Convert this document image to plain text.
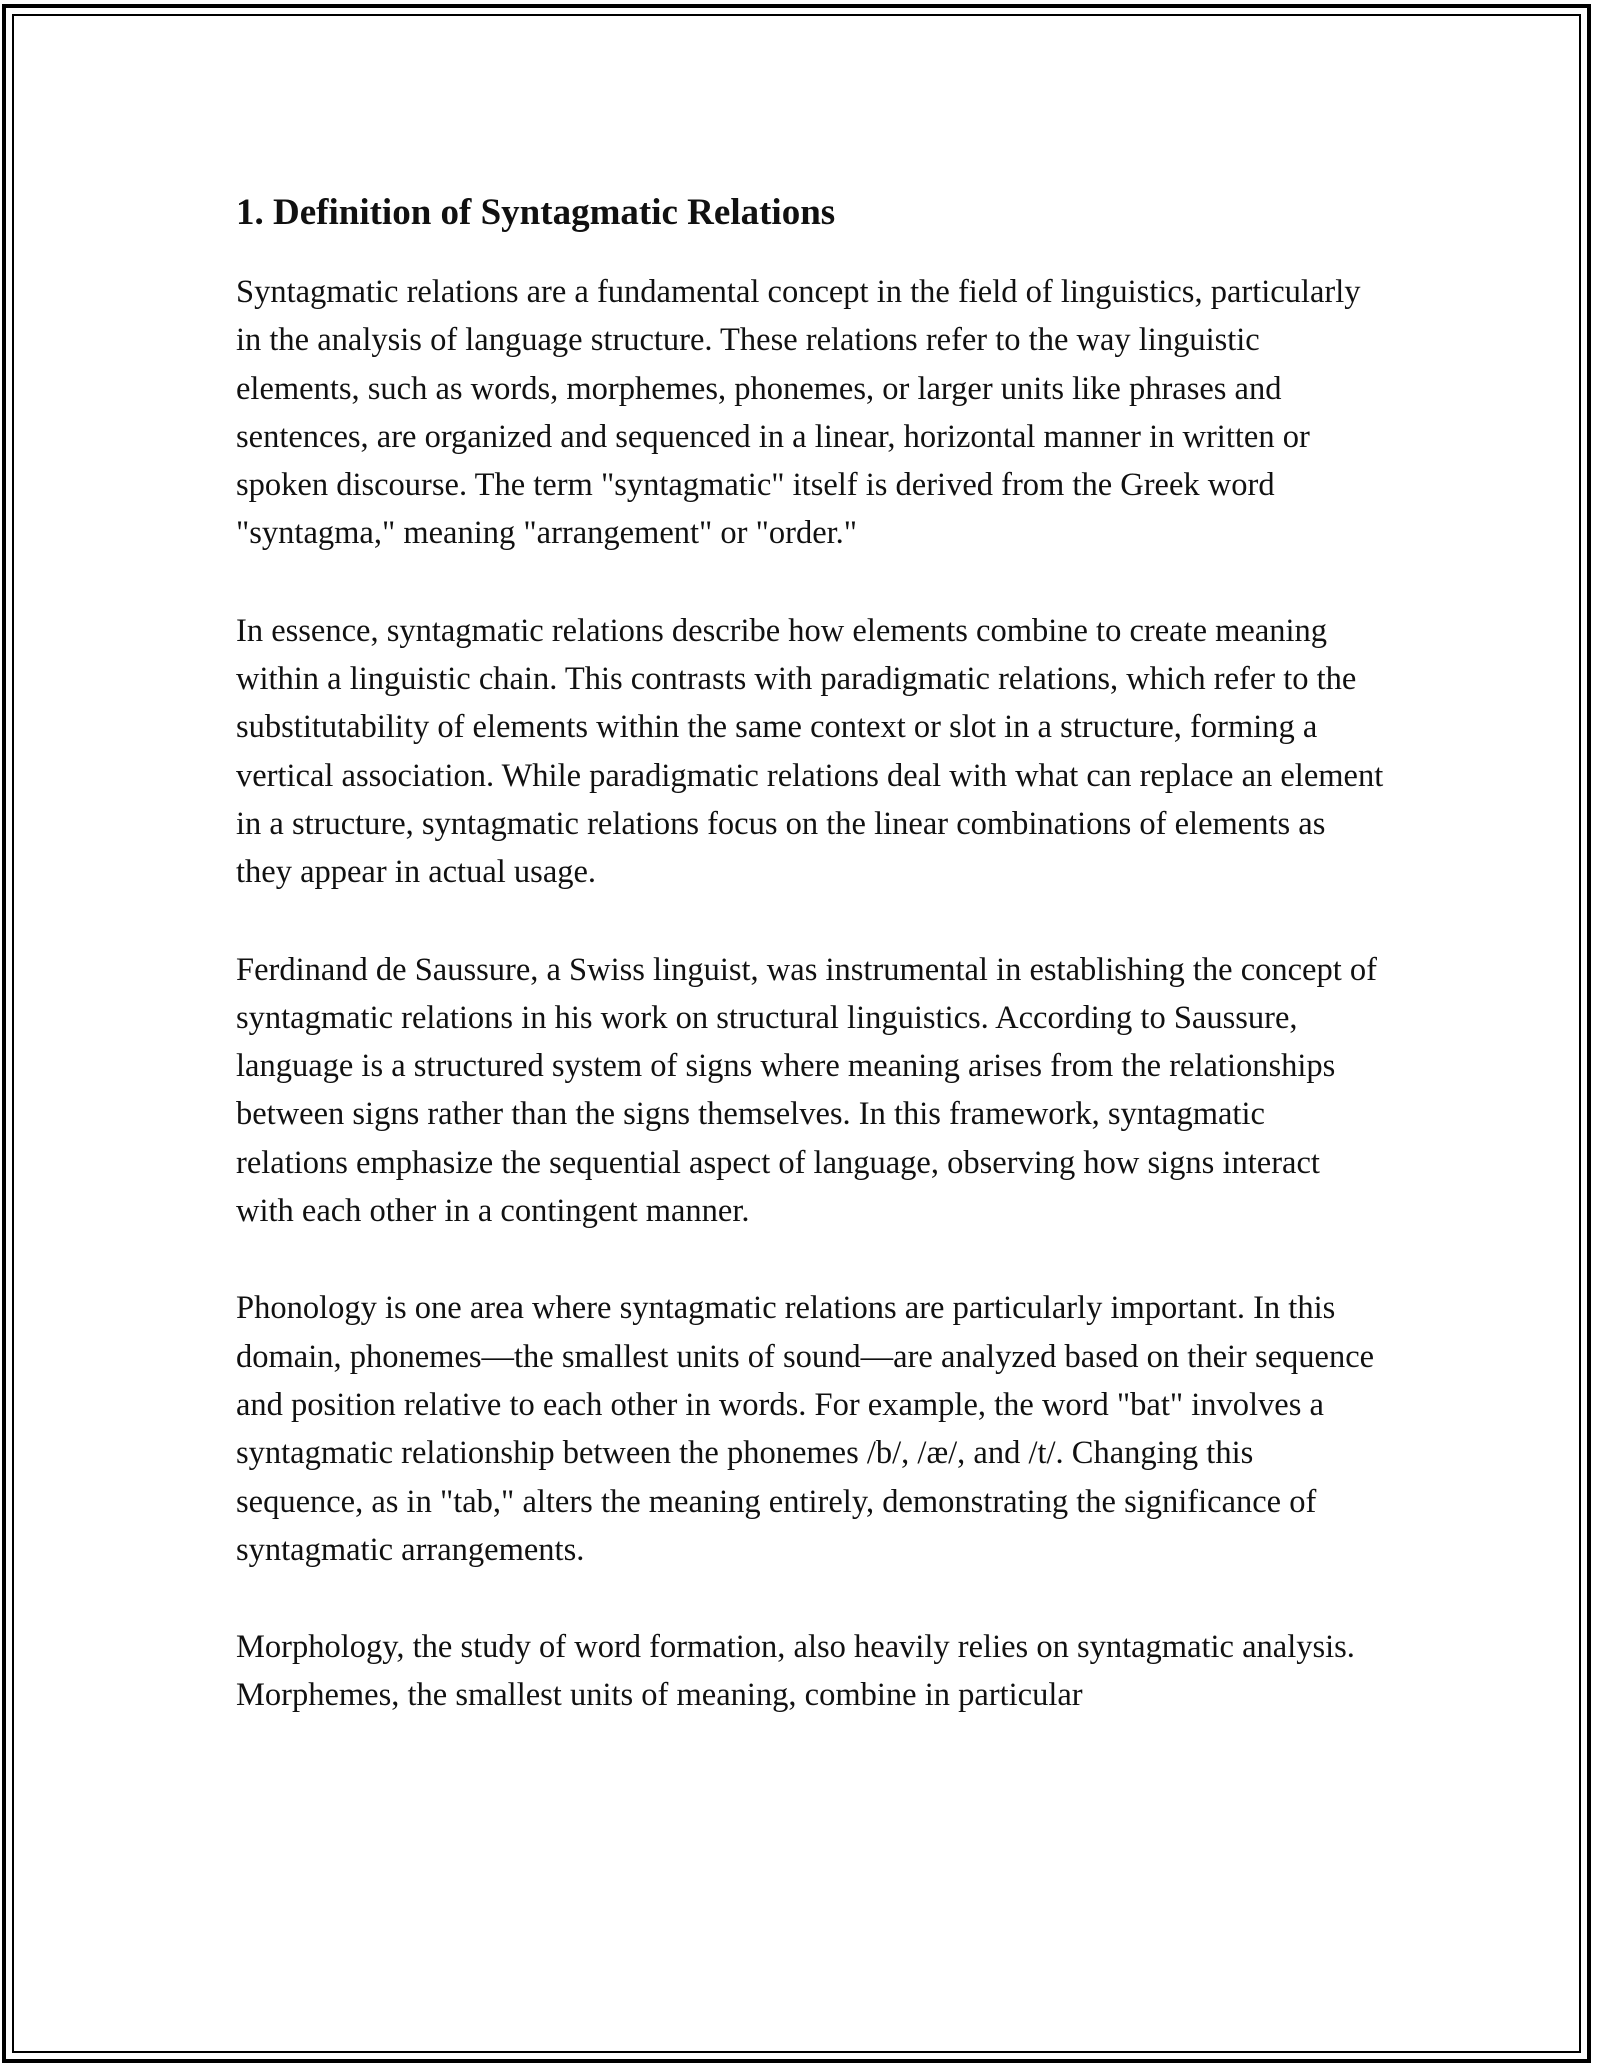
1. Definition of Syntagmatic Relations

Syntagmatic relations are a fundamental concept in the field of linguistics, particularly in the analysis of language structure. These relations refer to the way linguistic elements, such as words, morphemes, phonemes, or larger units like phrases and sentences, are organized and sequenced in a linear, horizontal manner in written or spoken discourse. The term "syntagmatic" itself is derived from the Greek word "syntagma," meaning "arrangement" or "order."

In essence, syntagmatic relations describe how elements combine to create meaning within a linguistic chain. This contrasts with paradigmatic relations, which refer to the substitutability of elements within the same context or slot in a structure, forming a vertical association. While paradigmatic relations deal with what can replace an element in a structure, syntagmatic relations focus on the linear combinations of elements as they appear in actual usage.

Ferdinand de Saussure, a Swiss linguist, was instrumental in establishing the concept of syntagmatic relations in his work on structural linguistics. According to Saussure, language is a structured system of signs where meaning arises from the relationships between signs rather than the signs themselves. In this framework, syntagmatic relations emphasize the sequential aspect of language, observing how signs interact with each other in a contingent manner.

Phonology is one area where syntagmatic relations are particularly important. In this domain, phonemes—the smallest units of sound—are analyzed based on their sequence and position relative to each other in words. For example, the word "bat" involves a syntagmatic relationship between the phonemes /b/, /æ/, and /t/. Changing this sequence, as in "tab," alters the meaning entirely, demonstrating the significance of syntagmatic arrangements.

Morphology, the study of word formation, also heavily relies on syntagmatic analysis. Morphemes, the smallest units of meaning, combine in particular
